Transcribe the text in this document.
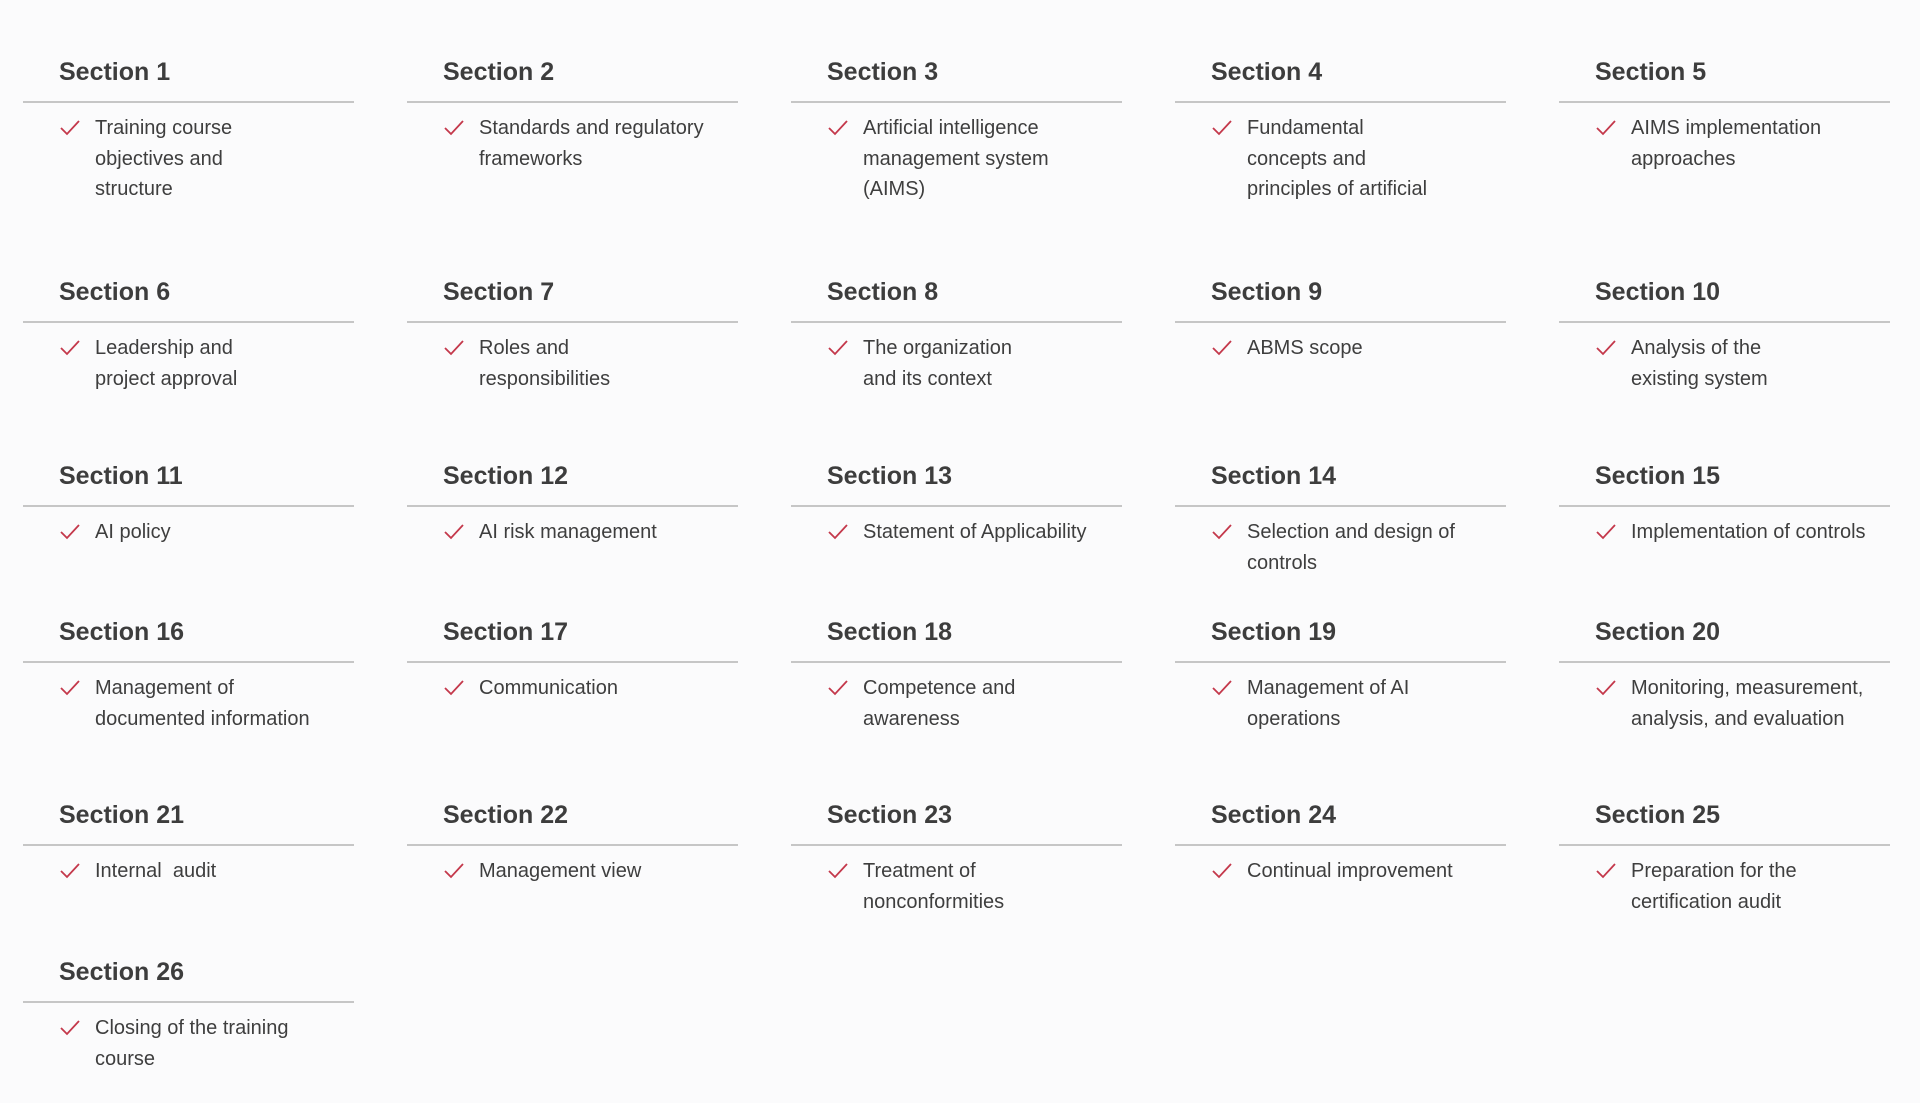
Section 1
Training course objectives and structure
Section 2
Standards and regulatory frameworks
Section 3
Artificial intelligence management system (AIMS)
Section 4
Fundamental concepts and principles of artificial
Section 5
AIMS implementation approaches
Section 6
Leadership and project approval
Section 7
Roles and responsibilities
Section 8
The organization and its context
Section 9
ABMS scope
Section 10
Analysis of the existing system
Section 11
AI policy
Section 12
AI risk management
Section 13
Statement of Applicability
Section 14
Selection and design of controls
Section 15
Implementation of controls
Section 16
Management of documented information
Section 17
Communication
Section 18
Competence and awareness
Section 19
Management of AI operations
Section 20
Monitoring, measurement, analysis, and evaluation
Section 21
Internal  audit
Section 22
Management view
Section 23
Treatment of nonconformities
Section 24
Continual improvement
Section 25
Preparation for the certification audit
Section 26
Closing of the training course
